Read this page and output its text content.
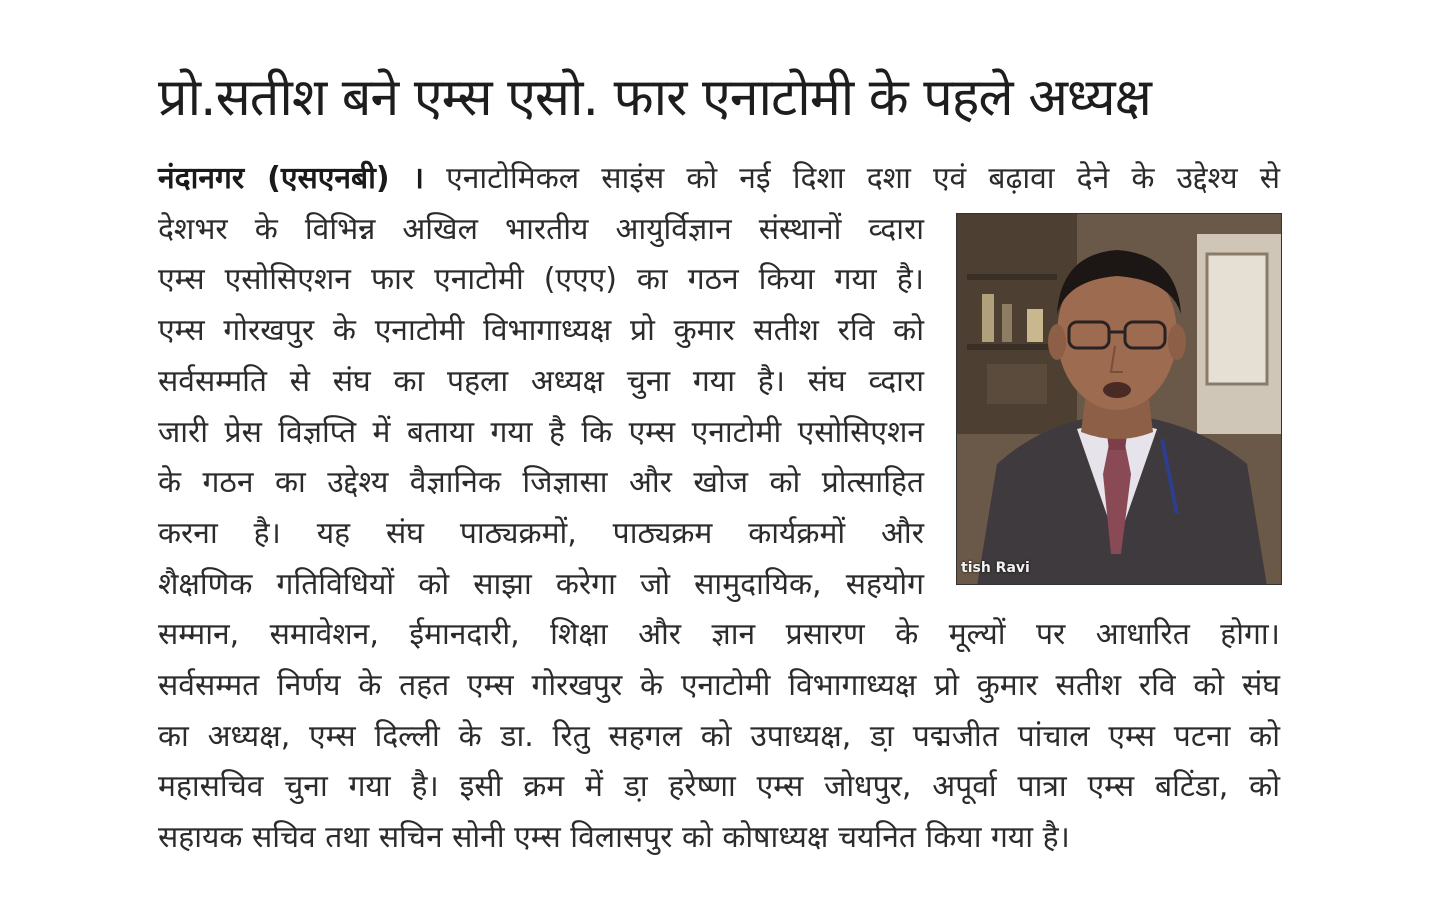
प्रो.सतीश बने एम्स एसो. फार एनाटोमी के पहले अध्यक्ष
नंदानगर (एसएनबी) । एनाटोमिकल साइंस को नई दिशा दशा एवं बढ़ावा देने के उद्देश्य से
देशभर के विभिन्न अखिल भारतीय आयुर्विज्ञान संस्थानों व्दारा
एम्स एसोसिएशन फार एनाटोमी (एएए) का गठन किया गया है।
एम्स गोरखपुर के एनाटोमी विभागाध्यक्ष प्रो कुमार सतीश रवि को
सर्वसम्मति से संघ का पहला अध्यक्ष चुना गया है। संघ व्दारा
जारी प्रेस विज्ञप्ति में बताया गया है कि एम्स एनाटोमी एसोसिएशन
के गठन का उद्देश्य वैज्ञानिक जिज्ञासा और खोज को प्रोत्साहित
करना है। यह संघ पाठ्यक्रमों, पाठ्यक्रम कार्यक्रमों और
शैक्षणिक गतिविधियों को साझा करेगा जो सामुदायिक, सहयोग
सम्मान, समावेशन, ईमानदारी, शिक्षा और ज्ञान प्रसारण के मूल्यों पर आधारित होगा।
सर्वसम्मत निर्णय के तहत एम्स गोरखपुर के एनाटोमी विभागाध्यक्ष प्रो कुमार सतीश रवि को संघ
का अध्यक्ष, एम्स दिल्ली के डा. रितु सहगल को उपाध्यक्ष, डा़ पद्मजीत पांचाल एम्स पटना को
महासचिव चुना गया है। इसी क्रम में डा़ हरेष्णा एम्स जोधपुर, अपूर्वा पात्रा एम्स बटिंडा, को
सहायक सचिव तथा सचिन सोनी एम्स विलासपुर को कोषाध्यक्ष चयनित किया गया है।
tish Ravi
